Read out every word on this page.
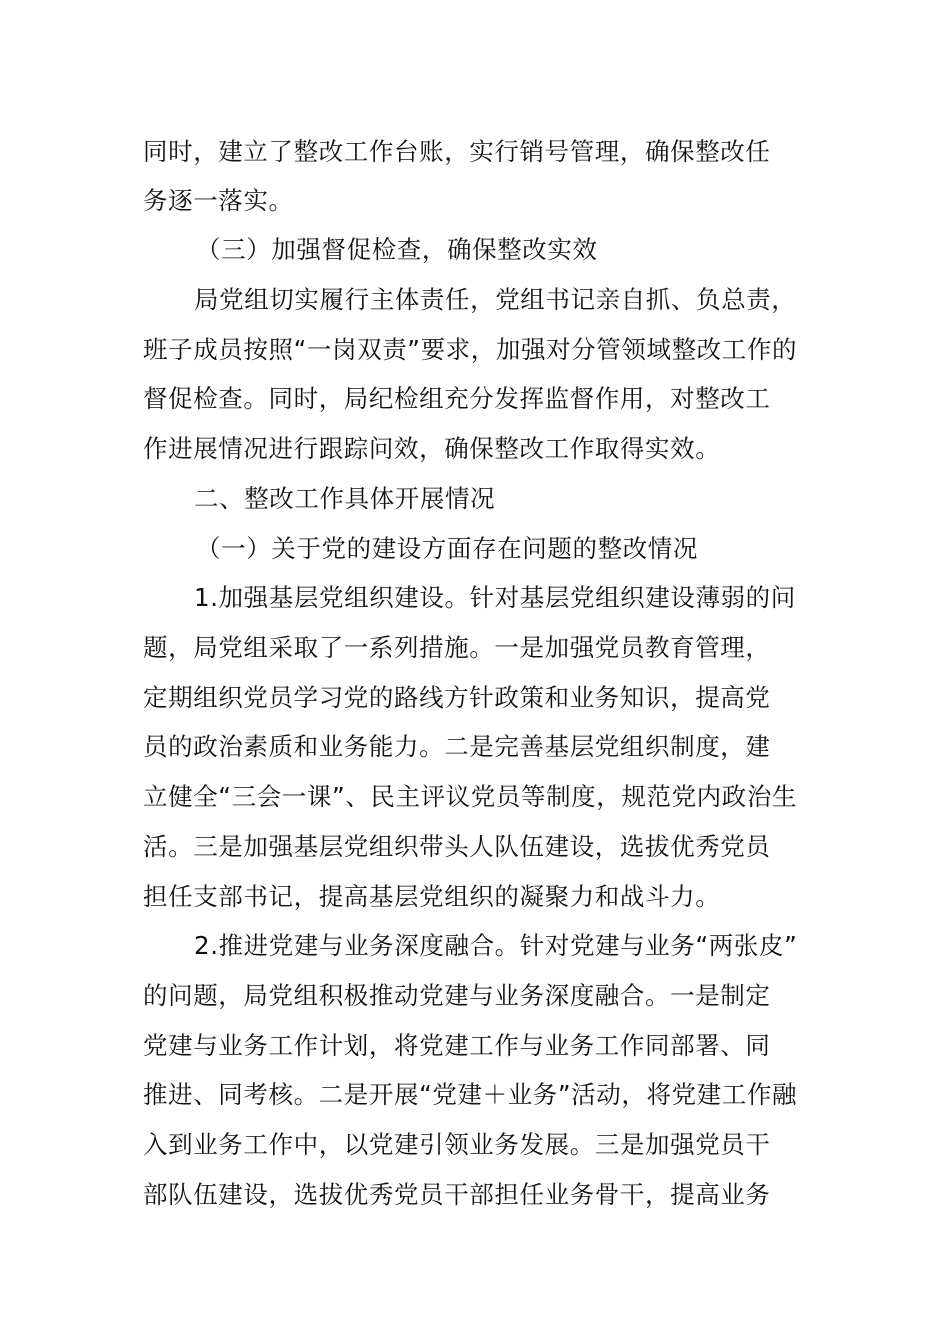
同时，建立了整改工作台账，实行销号管理，确保整改任
务逐一落实。
（三）加强督促检查，确保整改实效
局党组切实履行主体责任，党组书记亲自抓、负总责，
班子成员按照“一岗双责”要求，加强对分管领域整改工作的
督促检查。同时，局纪检组充分发挥监督作用，对整改工
作进展情况进行跟踪问效，确保整改工作取得实效。
二、整改工作具体开展情况
（一）关于党的建设方面存在问题的整改情况
1.加强基层党组织建设。针对基层党组织建设薄弱的问
题，局党组采取了一系列措施。一是加强党员教育管理，
定期组织党员学习党的路线方针政策和业务知识，提高党
员的政治素质和业务能力。二是完善基层党组织制度，建
立健全“三会一课”、民主评议党员等制度，规范党内政治生
活。三是加强基层党组织带头人队伍建设，选拔优秀党员
担任支部书记，提高基层党组织的凝聚力和战斗力。
2.推进党建与业务深度融合。针对党建与业务“两张皮”
的问题，局党组积极推动党建与业务深度融合。一是制定
党建与业务工作计划，将党建工作与业务工作同部署、同
推进、同考核。二是开展“党建＋业务”活动，将党建工作融
入到业务工作中，以党建引领业务发展。三是加强党员干
部队伍建设，选拔优秀党员干部担任业务骨干，提高业务
